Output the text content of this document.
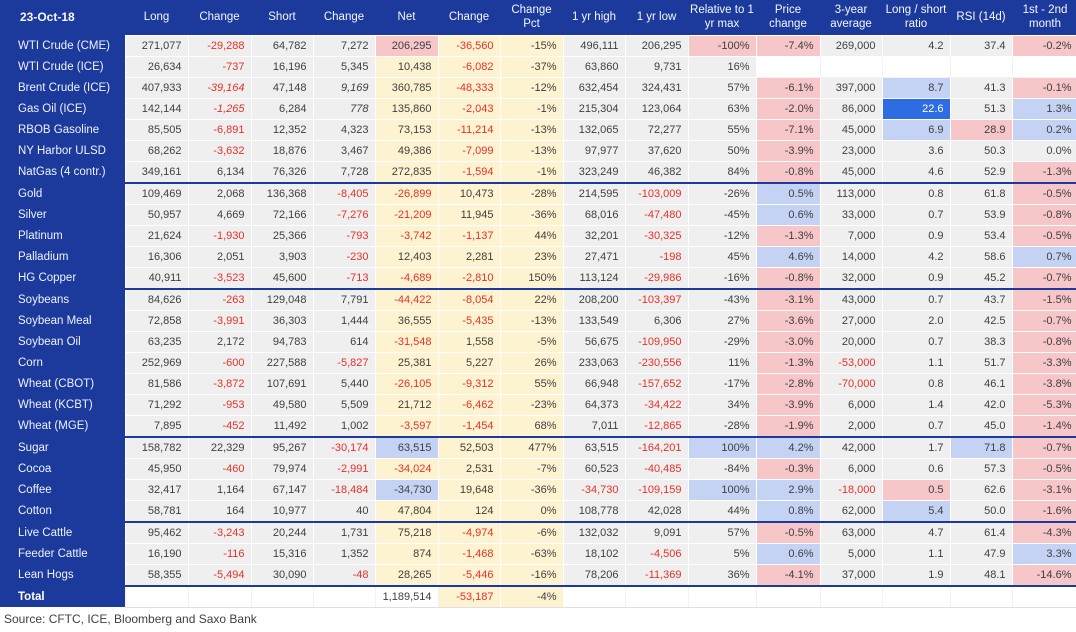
23-Oct-18	Long	Change	Short	Change	Net	Change	Change Pct	1 yr high	1 yr low	Relative to 1 yr max	Price change	3-year average	Long / short ratio	RSI (14d)	1st - 2nd month
WTI Crude (CME)	271,077	-29,288	64,782	7,272	206,295	-36,560	-15%	496,111	206,295	-100%	-7.4%	269,000	4.2	37.4	-0.2%
WTI Crude (ICE)	26,634	-737	16,196	5,345	10,438	-6,082	-37%	63,860	9,731	16%					
Brent Crude (ICE)	407,933	-39,164	47,148	9,169	360,785	-48,333	-12%	632,454	324,431	57%	-6.1%	397,000	8.7	41.3	-0.1%
Gas Oil (ICE)	142,144	-1,265	6,284	778	135,860	-2,043	-1%	215,304	123,064	63%	-2.0%	86,000	22.6	51.3	1.3%
RBOB Gasoline	85,505	-6,891	12,352	4,323	73,153	-11,214	-13%	132,065	72,277	55%	-7.1%	45,000	6.9	28.9	0.2%
NY Harbor ULSD	68,262	-3,632	18,876	3,467	49,386	-7,099	-13%	97,977	37,620	50%	-3.9%	23,000	3.6	50.3	0.0%
NatGas (4 contr.)	349,161	6,134	76,326	7,728	272,835	-1,594	-1%	323,249	46,382	84%	-0.8%	45,000	4.6	52.9	-1.3%
Gold	109,469	2,068	136,368	-8,405	-26,899	10,473	-28%	214,595	-103,009	-26%	0.5%	113,000	0.8	61.8	-0.5%
Silver	50,957	4,669	72,166	-7,276	-21,209	11,945	-36%	68,016	-47,480	-45%	0.6%	33,000	0.7	53.9	-0.8%
Platinum	21,624	-1,930	25,366	-793	-3,742	-1,137	44%	32,201	-30,325	-12%	-1.3%	7,000	0.9	53.4	-0.5%
Palladium	16,306	2,051	3,903	-230	12,403	2,281	23%	27,471	-198	45%	4.6%	14,000	4.2	58.6	0.7%
HG Copper	40,911	-3,523	45,600	-713	-4,689	-2,810	150%	113,124	-29,986	-16%	-0.8%	32,000	0.9	45.2	-0.7%
Soybeans	84,626	-263	129,048	7,791	-44,422	-8,054	22%	208,200	-103,397	-43%	-3.1%	43,000	0.7	43.7	-1.5%
Soybean Meal	72,858	-3,991	36,303	1,444	36,555	-5,435	-13%	133,549	6,306	27%	-3.6%	27,000	2.0	42.5	-0.7%
Soybean Oil	63,235	2,172	94,783	614	-31,548	1,558	-5%	56,675	-109,950	-29%	-3.0%	20,000	0.7	38.3	-0.8%
Corn	252,969	-600	227,588	-5,827	25,381	5,227	26%	233,063	-230,556	11%	-1.3%	-53,000	1.1	51.7	-3.3%
Wheat (CBOT)	81,586	-3,872	107,691	5,440	-26,105	-9,312	55%	66,948	-157,652	-17%	-2.8%	-70,000	0.8	46.1	-3.8%
Wheat (KCBT)	71,292	-953	49,580	5,509	21,712	-6,462	-23%	64,373	-34,422	34%	-3.9%	6,000	1.4	42.0	-5.3%
Wheat (MGE)	7,895	-452	11,492	1,002	-3,597	-1,454	68%	7,011	-12,865	-28%	-1.9%	2,000	0.7	45.0	-1.4%
Sugar	158,782	22,329	95,267	-30,174	63,515	52,503	477%	63,515	-164,201	100%	4.2%	42,000	1.7	71.8	-0.7%
Cocoa	45,950	-460	79,974	-2,991	-34,024	2,531	-7%	60,523	-40,485	-84%	-0.3%	6,000	0.6	57.3	-0.5%
Coffee	32,417	1,164	67,147	-18,484	-34,730	19,648	-36%	-34,730	-109,159	100%	2.9%	-18,000	0.5	62.6	-3.1%
Cotton	58,781	164	10,977	40	47,804	124	0%	108,778	42,028	44%	0.8%	62,000	5.4	50.0	-1.6%
Live Cattle	95,462	-3,243	20,244	1,731	75,218	-4,974	-6%	132,032	9,091	57%	-0.5%	63,000	4.7	61.4	-4.3%
Feeder Cattle	16,190	-116	15,316	1,352	874	-1,468	-63%	18,102	-4,506	5%	0.6%	5,000	1.1	47.9	3.3%
Lean Hogs	58,355	-5,494	30,090	-48	28,265	-5,446	-16%	78,206	-11,369	36%	-4.1%	37,000	1.9	48.1	-14.6%
Total					1,189,514	-53,187	-4%								
Source: CFTC, ICE, Bloomberg and Saxo Bank
